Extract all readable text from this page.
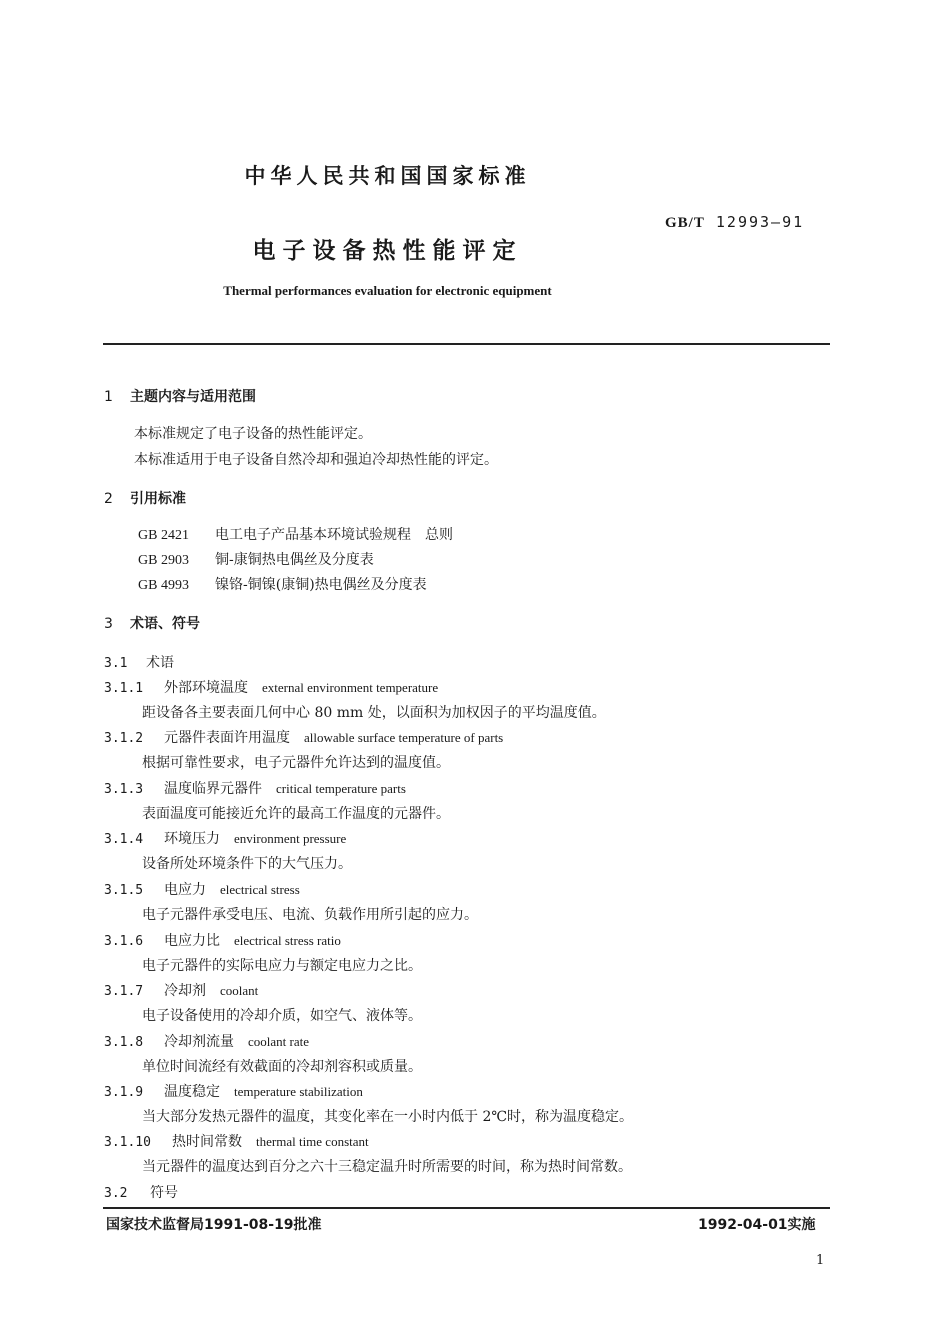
中华人民共和国国家标准
GB/T 12993—91
电子设备热性能评定
Thermal performances evaluation for electronic equipment
1 主题内容与适用范围
本标准规定了电子设备的热性能评定。
本标准适用于电子设备自然冷却和强迫冷却热性能的评定。
2 引用标准
GB 2421 电工电子产品基本环境试验规程　总则
GB 2903 铜-康铜热电偶丝及分度表
GB 4993 镍铬-铜镍(康铜)热电偶丝及分度表
3 术语、符号
3.1 术语
3.1.1 外部环境温度 external environment temperature
距设备各主要表面几何中心 80 mm 处，以面积为加权因子的平均温度值。
3.1.2 元器件表面许用温度 allowable surface temperature of parts
根据可靠性要求，电子元器件允许达到的温度值。
3.1.3 温度临界元器件 critical temperature parts
表面温度可能接近允许的最高工作温度的元器件。
3.1.4 环境压力 environment pressure
设备所处环境条件下的大气压力。
3.1.5 电应力 electrical stress
电子元器件承受电压、电流、负载作用所引起的应力。
3.1.6 电应力比 electrical stress ratio
电子元器件的实际电应力与额定电应力之比。
3.1.7 冷却剂 coolant
电子设备使用的冷却介质，如空气、液体等。
3.1.8 冷却剂流量 coolant rate
单位时间流经有效截面的冷却剂容积或质量。
3.1.9 温度稳定 temperature stabilization
当大部分发热元器件的温度，其变化率在一小时内低于 2℃时，称为温度稳定。
3.1.10 热时间常数 thermal time constant
当元器件的温度达到百分之六十三稳定温升时所需要的时间，称为热时间常数。
3.2 符号
国家技术监督局1991-08-19批准	1992-04-01实施
1
